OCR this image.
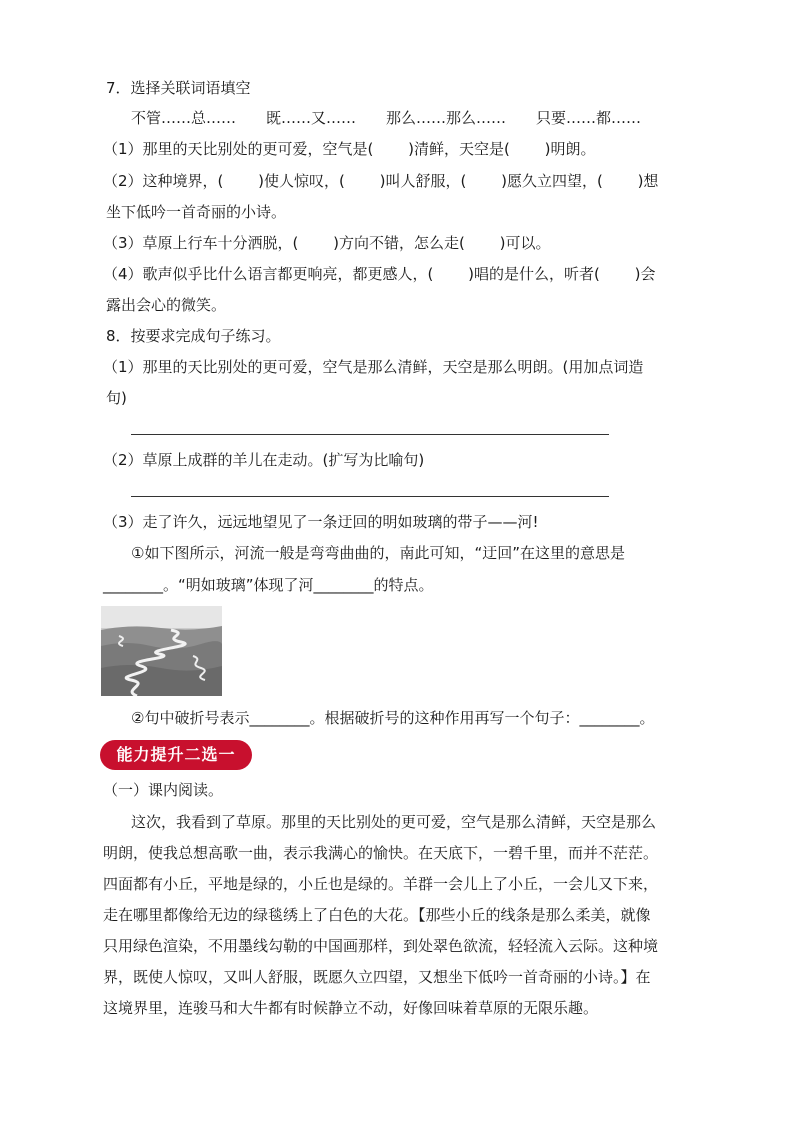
7．选择关联词语填空
不管……总……　　既……又……　　那么……那么……　　只要……都……
（1）那里的天比别处的更可爱，空气是(　　 )清鲜，天空是(　　 )明朗。
（2）这种境界，(　　 )使人惊叹，(　　 )叫人舒服，(　　 )愿久立四望，(　　 )想
坐下低吟一首奇丽的小诗。
（3）草原上行车十分洒脱，(　　 )方向不错，怎么走(　　 )可以。
（4）歌声似乎比什么语言都更响亮，都更感人，(　　 )唱的是什么，听者(　　 )会
露出会心的微笑。
8．按要求完成句子练习。
（1）那里的天比别处的更可爱，空气是那么清鲜，天空是那么明朗。(用加点词造
句)
（2）草原上成群的羊儿在走动。(扩写为比喻句)
（3）走了许久，远远地望见了一条迂回的明如玻璃的带子——河!
①如下图所示，河流一般是弯弯曲曲的，南此可知，“迂回”在这里的意思是
________。“明如玻璃”体现了河________的特点。
②句中破折号表示________。根据破折号的这种作用再写一个句子：________。
能力提升二选一
（一）课内阅读。
这次，我看到了草原。那里的天比别处的更可爱，空气是那么清鲜，天空是那么
明朗，使我总想高歌一曲，表示我满心的愉快。在天底下，一碧千里，而并不茫茫。
四面都有小丘，平地是绿的，小丘也是绿的。羊群一会儿上了小丘，一会儿又下来，
走在哪里都像给无边的绿毯绣上了白色的大花。【那些小丘的线条是那么柔美，就像
只用绿色渲染，不用墨线勾勒的中国画那样，到处翠色欲流，轻轻流入云际。这种境
界，既使人惊叹，又叫人舒服，既愿久立四望，又想坐下低吟一首奇丽的小诗。】在
这境界里，连骏马和大牛都有时候静立不动，好像回味着草原的无限乐趣。
